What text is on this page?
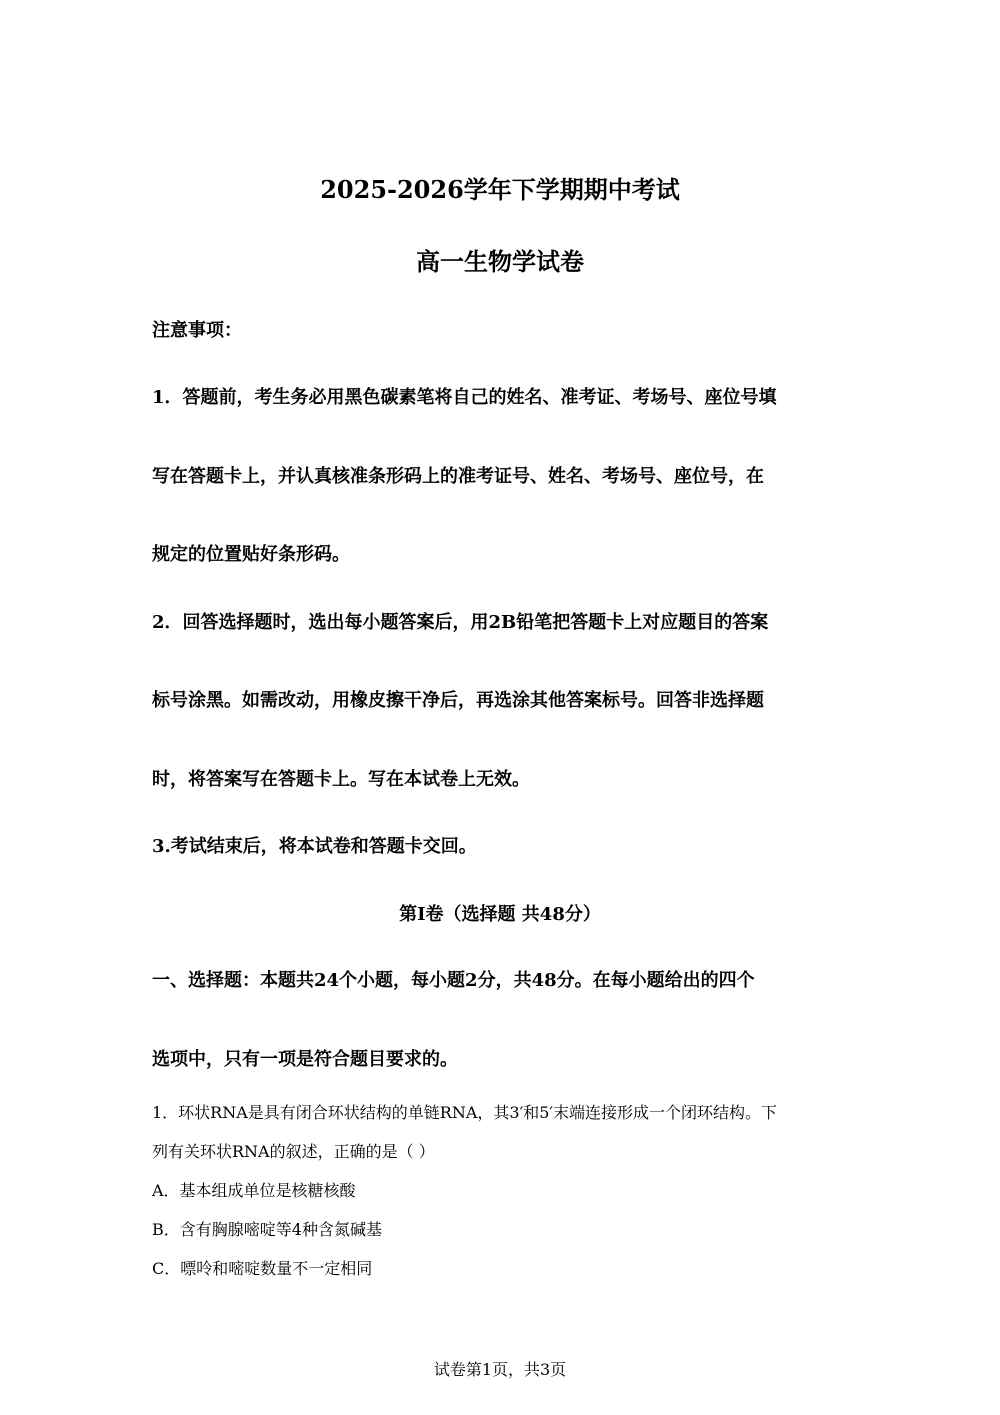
2025-2026学年下学期期中考试
高一生物学试卷
注意事项：
1．答题前，考生务必用黑色碳素笔将自己的姓名、准考证、考场号、座位号填
写在答题卡上，并认真核准条形码上的准考证号、姓名、考场号、座位号，在
规定的位置贴好条形码。
2．回答选择题时，选出每小题答案后，用2B铅笔把答题卡上对应题目的答案
标号涂黑。如需改动，用橡皮擦干净后，再选涂其他答案标号。回答非选择题
时，将答案写在答题卡上。写在本试卷上无效。
3.考试结束后，将本试卷和答题卡交回。
第I卷（选择题 共48分）
一、选择题：本题共24个小题，每小题2分，共48分。在每小题给出的四个
选项中，只有一项是符合题目要求的。
1．环状RNA是具有闭合环状结构的单链RNA，其3′和5′末端连接形成一个闭环结构。下
列有关环状RNA的叙述，正确的是（ ）
A．基本组成单位是核糖核酸
B．含有胸腺嘧啶等4种含氮碱基
C．嘌呤和嘧啶数量不一定相同
试卷第1页，共3页
